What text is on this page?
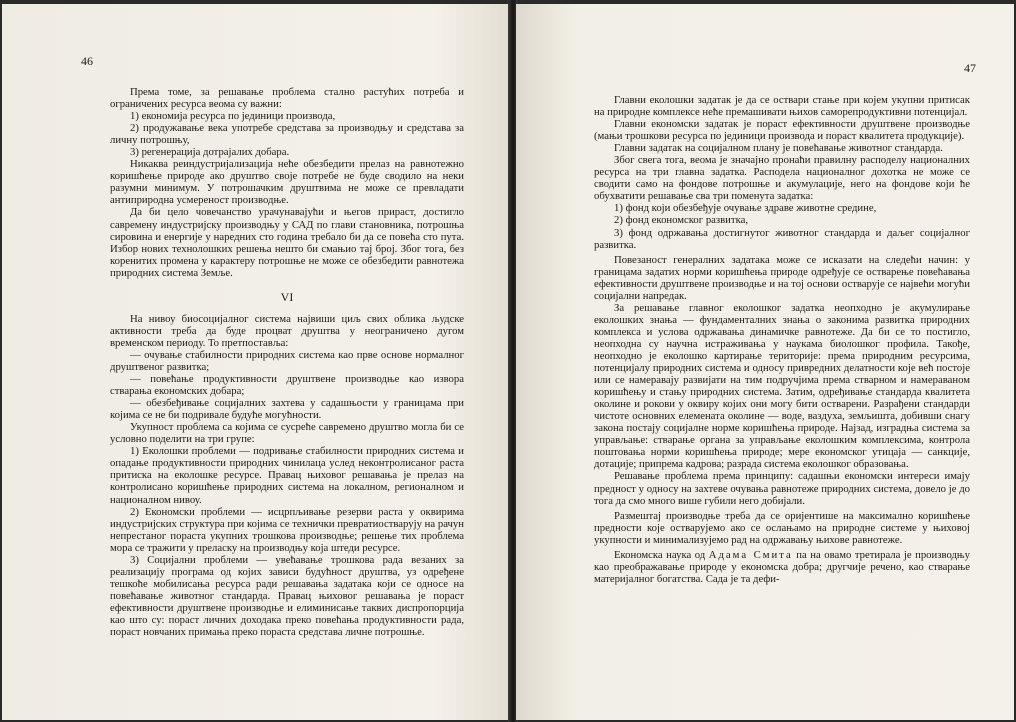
46

Према томе, за решавање проблема стално растућих потреба и ограничених ресурса веома су важни:

1) економија ресурса по јединици производа,

2) продужавање века употребе средстава за производњу и средстава за личну потрошњу,

3) регенерација дотрајалих добара.

Никаква реиндустријализација неће обезбедити прелаз на равнотежно коришћење природе ако друштво своје потребе не буде сводило на неки разумни минимум. У потрошачким друштвима не може се превладати антиприродна усмереност производње.

Да би цело човечанство урачунавајући и његов прираст, достигло савремену индустријску производњу у САД по глави становника, потрошња сировина и енергије у наредних сто година требало би да се повећа сто пута. Избор нових технолошких решења нешто би смањио тај број. Због тога, без коренитих промена у карактеру потрошње не може се обезбедити равнотежа природних система Земље.

VI

На нивоу биосоцијалног система највиши циљ свих облика људске активности треба да буде процват друштва у неограничено дугом временском периоду. То претпоставља:

— очување стабилности природних система као прве основе нормалног друштвеног развитка;

— повећање продуктивности друштвене производње као извора стварања економских добара;

— обезбеђивање социјалних захтева у садашњости у границама при којима се не би подривале будуће могућности.

Укупност проблема са којима се сусреће савремено друштво могла би се условно поделити на три групе:

1) Еколошки проблеми — подривање стабилности природних система и опадање продуктивности природних чинилаца услед неконтролисаног раста притиска на еколошке ресурсе. Правац њиховог решавања је прелаз на контролисано коришћење природних система на локалном, регионалном и националном нивоу.

2) Економски проблеми — исцрпљивање резерви раста у оквирима индустријских структура при којима се технички превратиостварују на рачун непрестаног пораста укупних трошкова производње; решење тих проблема мора се тражити у преласку на производњу која штеди ресурсе.

3) Социјални проблеми — увећавање трошкова рада везаних за реализацију програма од којих зависи будућност друштва, уз одређене тешкоће мобилисања ресурса ради решавања задатака који се односе на повећавање животног стандарда. Правац њиховог решавања је пораст ефективности друштвене производње и елиминисање таквих диспропорција као што су: пораст личних доходака преко повећања продуктивности рада, пораст новчаних примања преко пораста средстава личне потрошње.

47

Главни еколошки задатак је да се оствари стање при којем укупни притисак на природне комплексе неће премашивати њихов саморепродуктивни потенцијал.

Главни економски задатак је пораст ефективности друштвене производње (мањи трошкови ресурса по јединици производа и пораст квалитета продукције).

Главни задатак на социјалном плану је повећавање животног стандарда.

Због свега тога, веома је значајно пронаћи правилну расподелу националних ресурса на три главна задатка. Расподела националног дохотка не може се сводити само на фондове потрошње и акумулације, него на фондове који ће обухватити решавање сва три поменута задатка:

1) фонд који обезбеђује очување здраве животне средине,

2) фонд економског развитка,

3) фонд одржавања достигнутог животног стандарда и даљег социјалног развитка.

Повезаност генералних задатака може се исказати на следећи начин: у границама задатих норми коришћења природе одређује се остварење повећавања ефективности друштвене производње и на тој основи остварује се највећи могући социјални напредак.

За решавање главног еколошког задатка неопходно је акумулирање еколошких знања — фундаменталних знања о законима развитка природних комплекса и услова одржавања динамичке равнотеже. Да би се то постигло, неопходна су научна истраживања у наукама биолошког профила. Такође, неопходно је еколошко картирање територије: према природним ресурсима, потенцијалу природних система и односу привредних делатности које већ постоје или се намеравају развијати на тим подручјима према стварном и намераваном коришћењу и стању природних система. Затим, одређивање стандарда квалитета околине и рокови у оквиру којих они могу бити остварени. Разрађени стандарди чистоте основних елемената околине — воде, ваздуха, земљишта, добивши снагу закона постају социјалне норме коришћења природе. Најзад, изградња система за управљање: стварање органа за управљање еколошким комплексима, контрола поштовања норми коришћења природе; мере економског утицаја — санкције, дотације; припрема кадрова; разрада система еколошког образовања.

Решавање проблема према принципу: садашњи економски интереси имају предност у односу на захтеве очувања равнотеже природних система, довело је до тога да смо много више губили него добијали.

Размештај производње треба да се оријентише на максимално коришћење предности које остварујемо ако се ослањамо на природне системе у њиховој укупности и минимализујемо рад на одржавању њихове равнотеже.

Економска наука од Адама Смита па на овамо третирала је производњу као преображавање природе у економска добра; другчије речено, као стварање материјалног богатства. Сада је та дефи-
